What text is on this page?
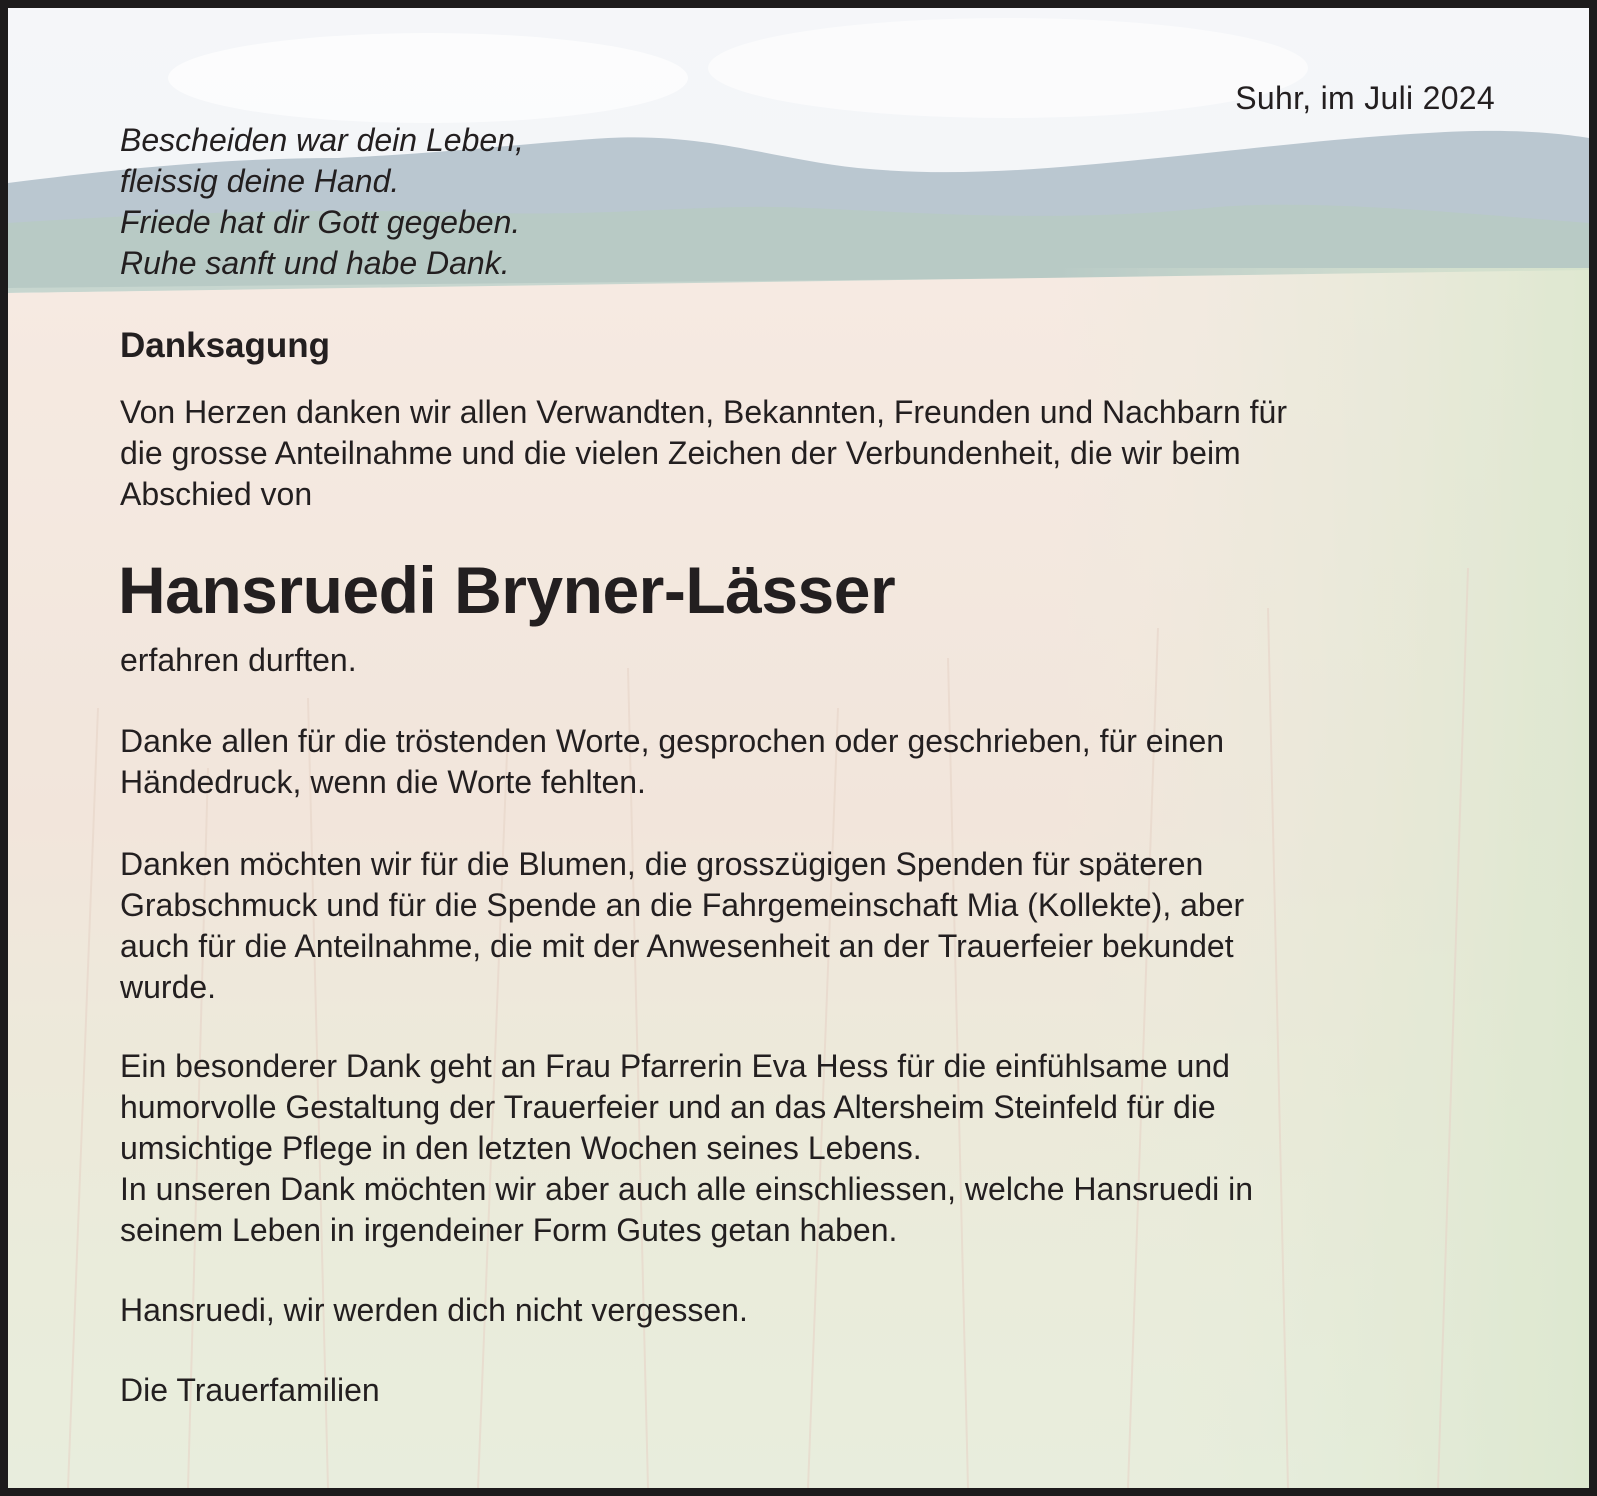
Suhr, im Juli 2024
Bescheiden war dein Leben,
fleissig deine Hand.
Friede hat dir Gott gegeben.
Ruhe sanft und habe Dank.
Danksagung
Von Herzen danken wir allen Verwandten, Bekannten, Freunden und Nachbarn für
die grosse Anteilnahme und die vielen Zeichen der Verbundenheit, die wir beim
Abschied von
Hansruedi Bryner-Lässer
erfahren durften.
Danke allen für die tröstenden Worte, gesprochen oder geschrieben, für einen
Händedruck, wenn die Worte fehlten.
Danken möchten wir für die Blumen, die grosszügigen Spenden für späteren
Grabschmuck und für die Spende an die Fahrgemeinschaft Mia (Kollekte), aber
auch für die Anteilnahme, die mit der Anwesenheit an der Trauerfeier bekundet
wurde.
Ein besonderer Dank geht an Frau Pfarrerin Eva Hess für die einfühlsame und
humorvolle Gestaltung der Trauerfeier und an das Altersheim Steinfeld für die
umsichtige Pflege in den letzten Wochen seines Lebens.
In unseren Dank möchten wir aber auch alle einschliessen, welche Hansruedi in
seinem Leben in irgendeiner Form Gutes getan haben.
Hansruedi, wir werden dich nicht vergessen.
Die Trauerfamilien
